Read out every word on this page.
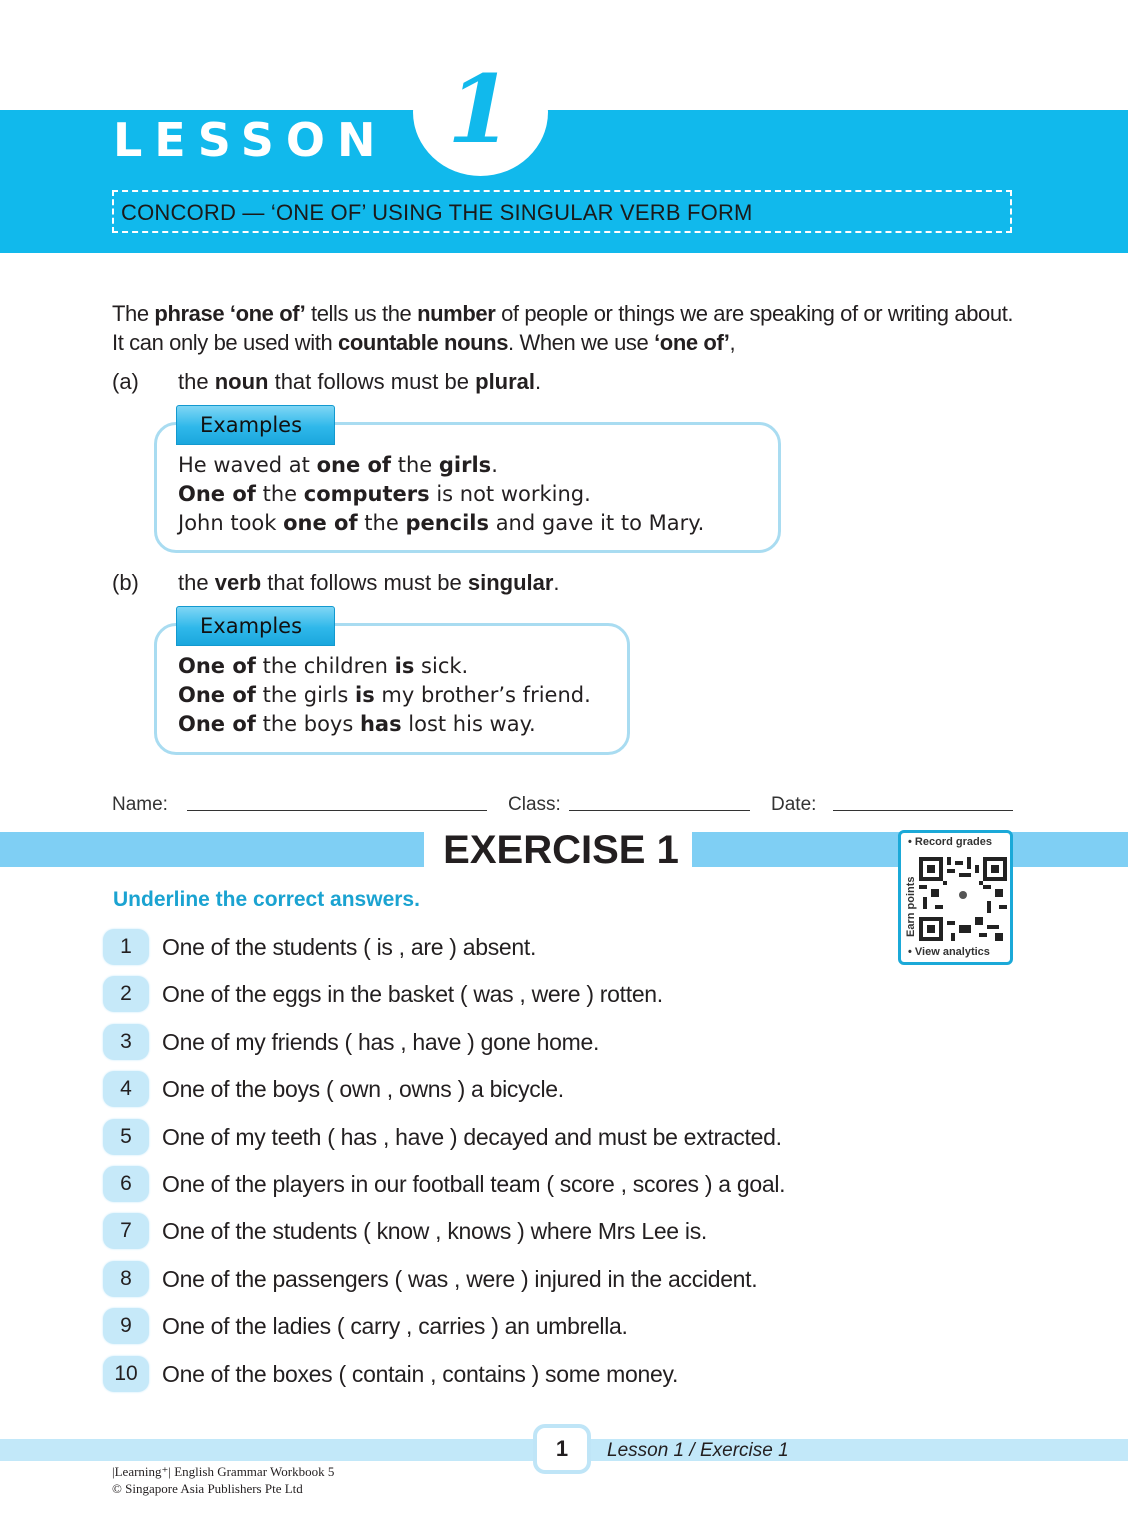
LESSON 1
CONCORD — ‘ONE OF’ USING THE SINGULAR VERB FORM
The phrase ‘one of’ tells us the number of people or things we are speaking of or writing about. It can only be used with countable nouns. When we use ‘one of’,
(a) the noun that follows must be plural.
Examples
He waved at one of the girls.
One of the computers is not working.
John took one of the pencils and gave it to Mary.
(b) the verb that follows must be singular.
Examples
One of the children is sick.
One of the girls is my brother’s friend.
One of the boys has lost his way.
Name:	Class:	Date:
EXERCISE 1	• Record grades
Earn points
• View analytics
Underline the correct answers.
1	One of the students ( is , are ) absent.
2	One of the eggs in the basket ( was , were ) rotten.
3	One of my friends ( has , have ) gone home.
4	One of the boys ( own , owns ) a bicycle.
5	One of my teeth ( has , have ) decayed and must be extracted.
6	One of the players in our football team ( score , scores ) a goal.
7	One of the students ( know , knows ) where Mrs Lee is.
8	One of the passengers ( was , were ) injured in the accident.
9	One of the ladies ( carry , carries ) an umbrella.
10	One of the boxes ( contain , contains ) some money.
1	Lesson 1 / Exercise 1
|Learning⁺| English Grammar Workbook 5
© Singapore Asia Publishers Pte Ltd
